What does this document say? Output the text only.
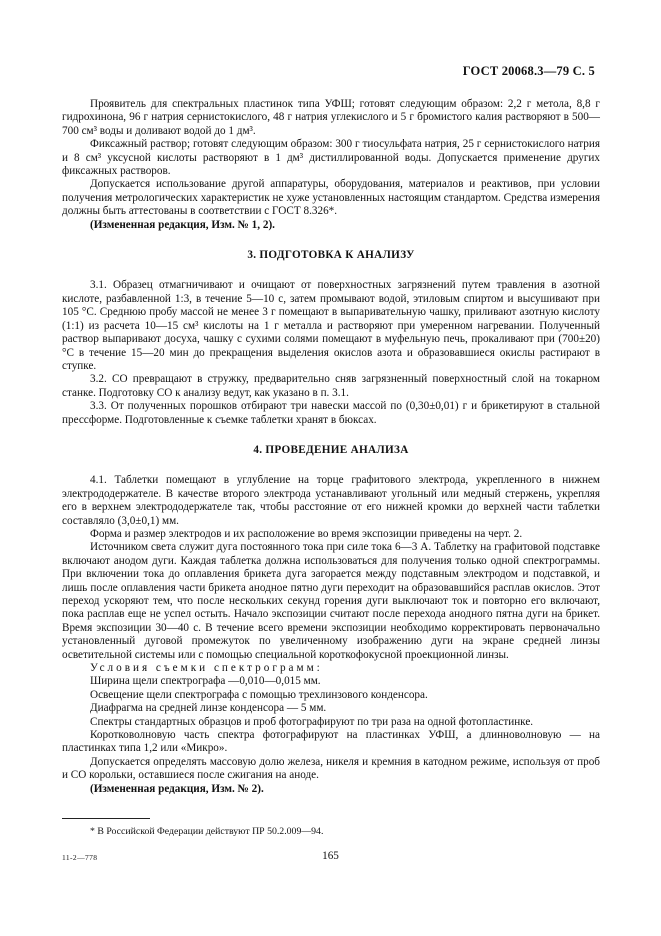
ГОСТ 20068.3—79 С. 5

Проявитель для спектральных пластинок типа УФШ; готовят следующим образом: 2,2 г метола, 8,8 г гидрохинона, 96 г натрия сернистокислого, 48 г натрия углекислого и 5 г бромистого калия растворяют в 500—700 см³ воды и доливают водой до 1 дм³.

Фиксажный раствор; готовят следующим образом: 300 г тиосульфата натрия, 25 г сернистокислого натрия и 8 см³ уксусной кислоты растворяют в 1 дм³ дистиллированной воды. Допускается применение других фиксажных растворов.

Допускается использование другой аппаратуры, оборудования, материалов и реактивов, при условии получения метрологических характеристик не хуже установленных настоящим стандартом. Средства измерения должны быть аттестованы в соответствии с ГОСТ 8.326*.

(Измененная редакция, Изм. № 1, 2).

3. ПОДГОТОВКА К АНАЛИЗУ

3.1. Образец отмагничивают и очищают от поверхностных загрязнений путем травления в азотной кислоте, разбавленной 1:3, в течение 5—10 с, затем промывают водой, этиловым спиртом и высушивают при 105 °С. Среднюю пробу массой не менее 3 г помещают в выпаривательную чашку, приливают азотную кислоту (1:1) из расчета 10—15 см³ кислоты на 1 г металла и растворяют при умеренном нагревании. Полученный раствор выпаривают досуха, чашку с сухими солями помещают в муфельную печь, прокаливают при (700±20) °С в течение 15—20 мин до прекращения выделения окислов азота и образовавшиеся окислы растирают в ступке.

3.2. СО превращают в стружку, предварительно сняв загрязненный поверхностный слой на токарном станке. Подготовку СО к анализу ведут, как указано в п. 3.1.

3.3. От полученных порошков отбирают три навески массой по (0,30±0,01) г и брикетируют в стальной прессформе. Подготовленные к съемке таблетки хранят в бюксах.

4. ПРОВЕДЕНИЕ АНАЛИЗА

4.1. Таблетки помещают в углубление на торце графитового электрода, укрепленного в нижнем электрододержателе. В качестве второго электрода устанавливают угольный или медный стержень, укрепляя его в верхнем электрододержателе так, чтобы расстояние от его нижней кромки до верхней части таблетки составляло (3,0±0,1) мм.

Форма и размер электродов и их расположение во время экспозиции приведены на черт. 2.

Источником света служит дуга постоянного тока при силе тока 6—3 А. Таблетку на графитовой подставке включают анодом дуги. Каждая таблетка должна использоваться для получения только одной спектрограммы. При включении тока до оплавления брикета дуга загорается между подставным электродом и подставкой, и лишь после оплавления части брикета анодное пятно дуги переходит на образовавшийся расплав окислов. Этот переход ускоряют тем, что после нескольких секунд горения дуги выключают ток и повторно его включают, пока расплав еще не успел остыть. Начало экспозиции считают после перехода анодного пятна дуги на брикет. Время экспозиции 30—40 с. В течение всего времени экспозиции необходимо корректировать первоначально установленный дуговой промежуток по увеличенному изображению дуги на экране средней линзы осветительной системы или с помощью специальной короткофокусной проекционной линзы.

Условия съемки спектрограмм:

Ширина щели спектрографа —0,010—0,015 мм.

Освещение щели спектрографа с помощью трехлинзового конденсора.

Диафрагма на средней линзе конденсора — 5 мм.

Спектры стандартных образцов и проб фотографируют по три раза на одной фотопластинке.

Коротковолновую часть спектра фотографируют на пластинках УФШ, а длинноволновую — на пластинках типа 1,2 или «Микро».

Допускается определять массовую долю железа, никеля и кремния в катодном режиме, используя от проб и СО корольки, оставшиеся после сжигания на аноде.

(Измененная редакция, Изм. № 2).

* В Российской Федерации действуют ПР 50.2.009—94.
11-2—778	165
